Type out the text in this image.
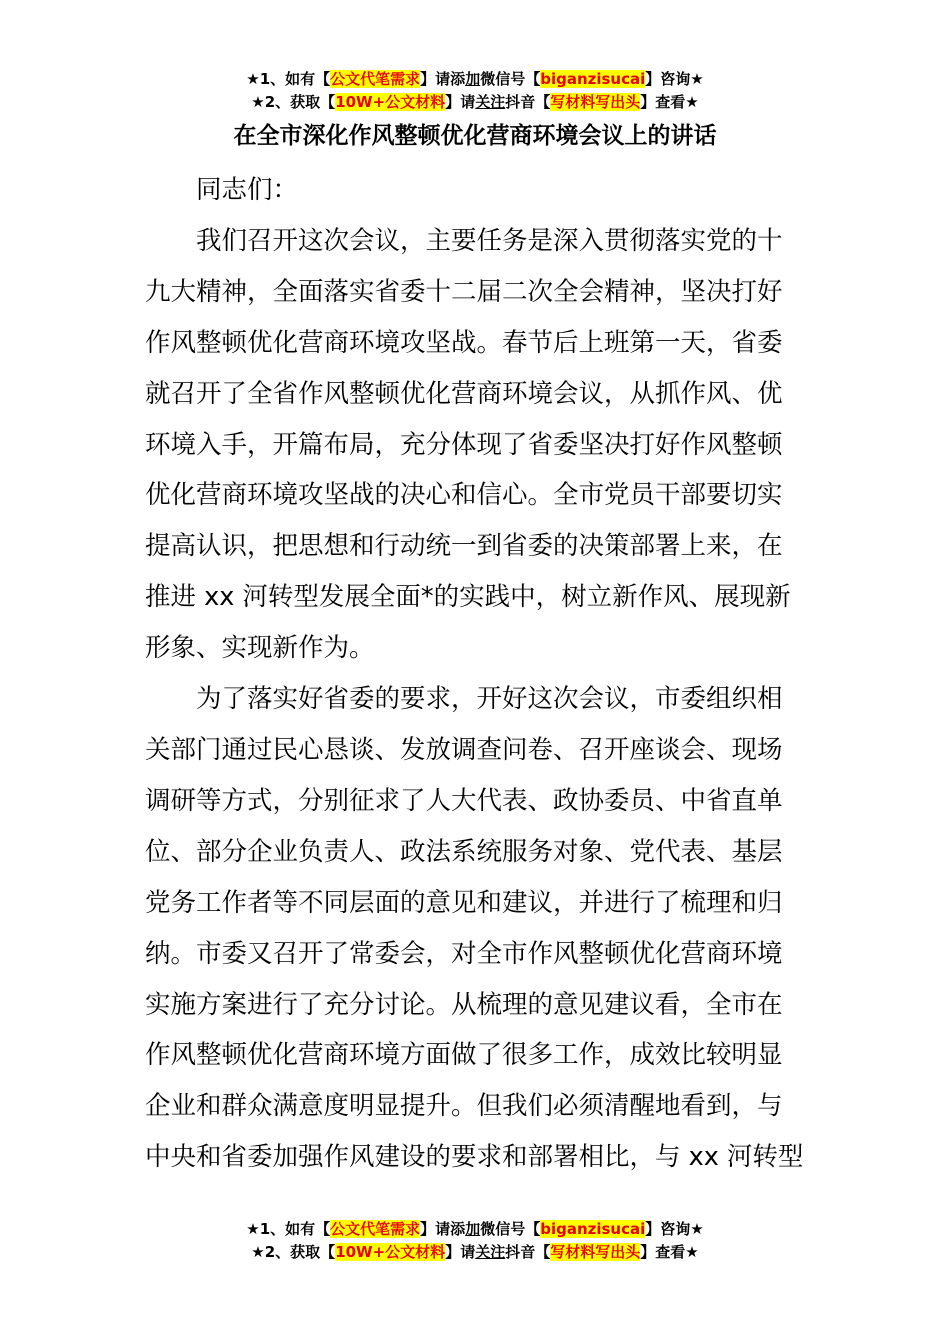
★1、如有【公文代笔需求】请添加微信号【biganzisucai】咨询★
★2、获取【10W+公文材料】请关注抖音【写材料写出头】查看★
在全市深化作风整顿优化营商环境会议上的讲话

同志们：

我们召开这次会议，主要任务是深入贯彻落实党的十
九大精神，全面落实省委十二届二次全会精神，坚决打好
作风整顿优化营商环境攻坚战。春节后上班第一天，省委
就召开了全省作风整顿优化营商环境会议，从抓作风、优
环境入手，开篇布局，充分体现了省委坚决打好作风整顿
优化营商环境攻坚战的决心和信心。全市党员干部要切实
提高认识，把思想和行动统一到省委的决策部署上来，在
推进 xx 河转型发展全面*的实践中，树立新作风、展现新
形象、实现新作为。

为了落实好省委的要求，开好这次会议，市委组织相
关部门通过民心恳谈、发放调查问卷、召开座谈会、现场
调研等方式，分别征求了人大代表、政协委员、中省直单
位、部分企业负责人、政法系统服务对象、党代表、基层
党务工作者等不同层面的意见和建议，并进行了梳理和归
纳。市委又召开了常委会，对全市作风整顿优化营商环境
实施方案进行了充分讨论。从梳理的意见建议看，全市在
作风整顿优化营商环境方面做了很多工作，成效比较明显
企业和群众满意度明显提升。但我们必须清醒地看到，与
中央和省委加强作风建设的要求和部署相比，与 xx 河转型

★1、如有【公文代笔需求】请添加微信号【biganzisucai】咨询★
★2、获取【10W+公文材料】请关注抖音【写材料写出头】查看★
